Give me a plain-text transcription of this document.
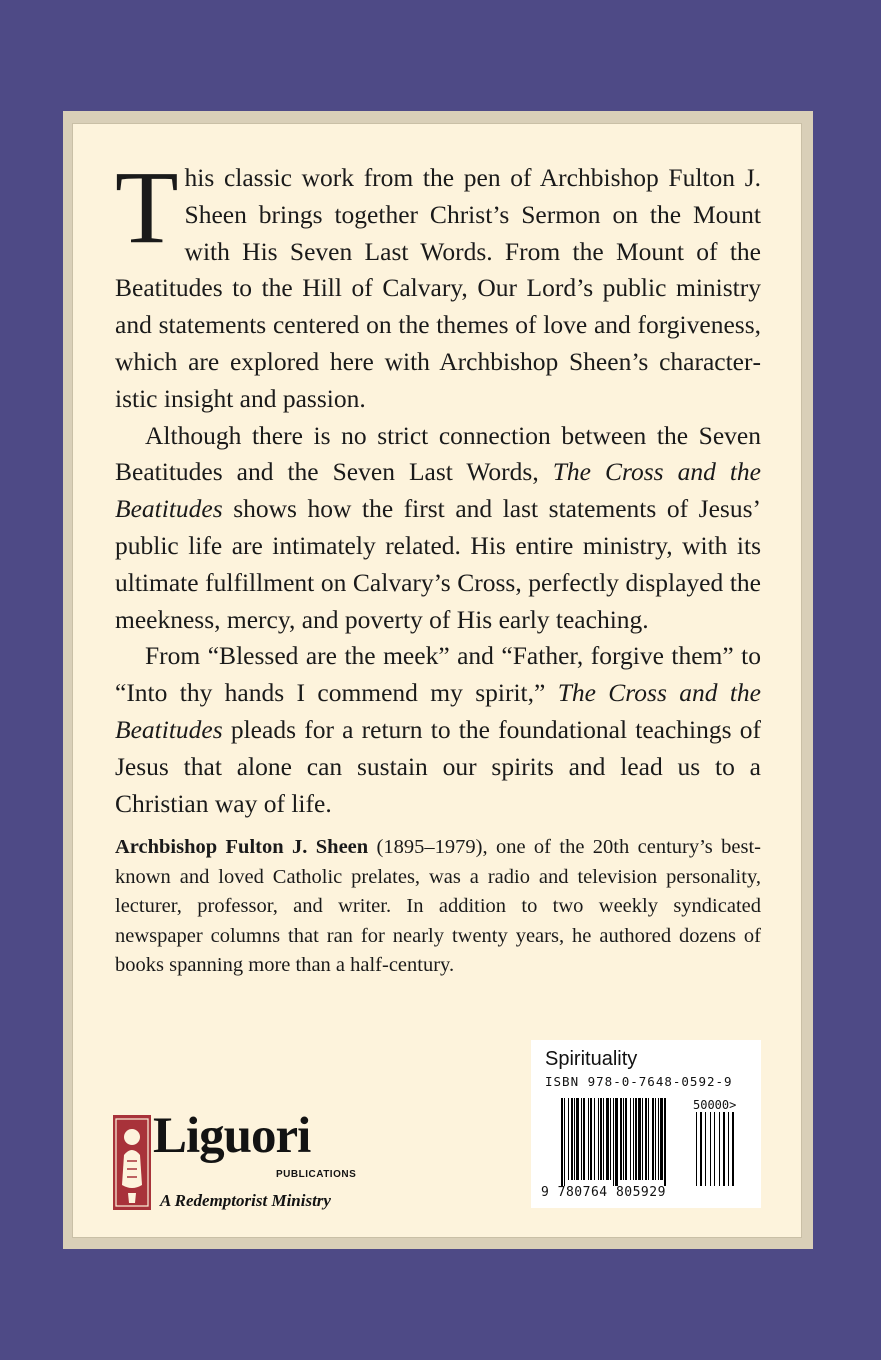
This classic work from the pen of Archbishop Fulton J. Sheen brings together Christ’s Sermon on the Mount with His Seven Last Words. From the Mount of the Beatitudes to the Hill of Calvary, Our Lord’s public ministry and statements centered on the themes of love and forgiveness, which are explored here with Archbishop Sheen’s characteristic insight and passion.

Although there is no strict connection between the Seven Beatitudes and the Seven Last Words, The Cross and the Beatitudes shows how the first and last statements of Jesus’ public life are intimately related. His entire ministry, with its ultimate fulfillment on Calvary’s Cross, perfectly displayed the meekness, mercy, and poverty of His early teaching.

From “Blessed are the meek” and “Father, forgive them” to “Into thy hands I commend my spirit,” The Cross and the Beatitudes pleads for a return to the foundational teachings of Jesus that alone can sustain our spirits and lead us to a Christian way of life.

Archbishop Fulton J. Sheen (1895–1979), one of the 20th century’s best-known and loved Catholic prelates, was a radio and television personality, lecturer, professor, and writer. In addition to two weekly syndicated newspaper columns that ran for nearly twenty years, he authored dozens of books spanning more than a half-century.
Spirituality
ISBN 978-0-7648-0592-9
50000>
9 780764 805929
Liguori
PUBLICATIONS
A Redemptorist Ministry
